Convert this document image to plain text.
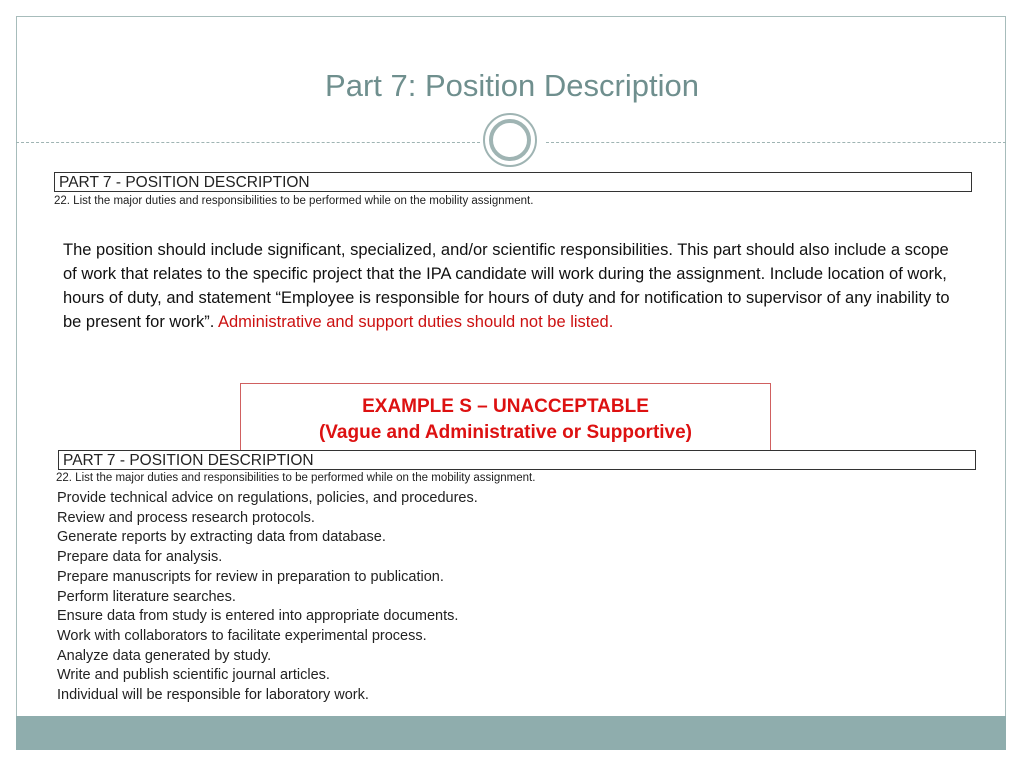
Part 7: Position Description
PART 7 - POSITION DESCRIPTION
22. List the major duties and responsibilities to be performed while on the mobility assignment.
The position should include significant, specialized, and/or scientific responsibilities. This part should also include a scope of work that relates to the specific project that the IPA candidate will work during the assignment. Include location of work, hours of duty, and statement “Employee is responsible for hours of duty and for notification to supervisor of any inability to be present for work”. Administrative and support duties should not be listed.
EXAMPLE S – UNACCEPTABLE
(Vague and Administrative or Supportive)
PART 7 - POSITION DESCRIPTION
22. List the major duties and responsibilities to be performed while on the mobility assignment.
Provide technical advice on regulations, policies, and procedures.
Review and process research protocols.
Generate reports by extracting data from database.
Prepare data for analysis.
Prepare manuscripts for review in preparation to publication.
Perform literature searches.
Ensure data from study is entered into appropriate documents.
Work with collaborators to facilitate experimental process.
Analyze data generated by study.
Write and publish scientific journal articles.
Individual will be responsible for laboratory work.
